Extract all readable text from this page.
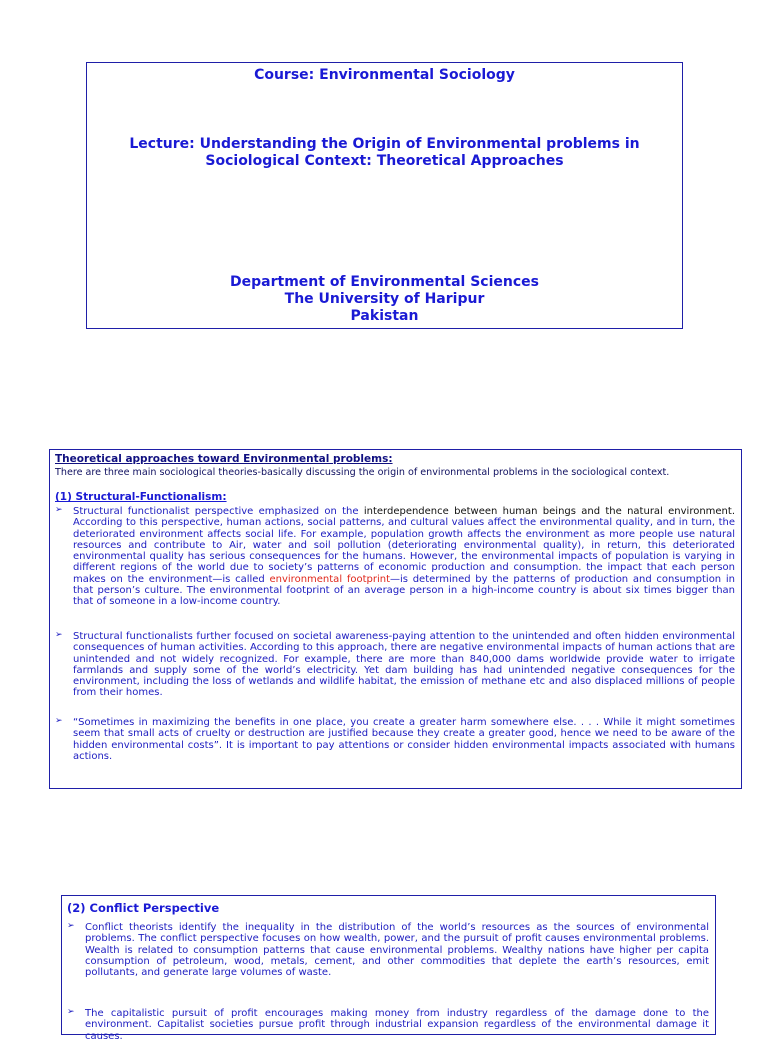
Course: Environmental Sociology
Lecture: Understanding the Origin of Environmental problems in
Sociological Context: Theoretical Approaches
Department of Environmental Sciences
The University of Haripur
Pakistan
Theoretical approaches toward Environmental problems:
There are three main sociological theories-basically discussing the origin of environmental problems in the sociological context.
(1) Structural-Functionalism:
➢ Structural functionalist perspective emphasized on the interdependence between human beings and the natural environment. According to this perspective, human actions, social patterns, and cultural values affect the environmental quality, and in turn, the deteriorated environment affects social life. For example, population growth affects the environment as more people use natural resources and contribute to Air, water and soil pollution (deteriorating environmental quality), in return, this deteriorated environmental quality has serious consequences for the humans. However, the environmental impacts of population is varying in different regions of the world due to society’s patterns of economic production and consumption. the impact that each person makes on the environment—is called environmental footprint—is determined by the patterns of production and consumption in that person’s culture. The environmental footprint of an average person in a high-income country is about six times bigger than that of someone in a low-income country.
➢ Structural functionalists further focused on societal awareness-paying attention to the unintended and often hidden environmental consequences of human activities. According to this approach, there are negative environmental impacts of human actions that are unintended and not widely recognized. For example, there are more than 840,000 dams worldwide provide water to irrigate farmlands and supply some of the world’s electricity. Yet dam building has had unintended negative consequences for the environment, including the loss of wetlands and wildlife habitat, the emission of methane etc and also displaced millions of people from their homes.
➢ “Sometimes in maximizing the benefits in one place, you create a greater harm somewhere else. . . . While it might sometimes seem that small acts of cruelty or destruction are justified because they create a greater good, hence we need to be aware of the hidden environmental costs”. It is important to pay attentions or consider hidden environmental impacts associated with humans actions.
(2) Conflict Perspective
➢ Conflict theorists identify the inequality in the distribution of the world’s resources as the sources of environmental problems. The conflict perspective focuses on how wealth, power, and the pursuit of profit causes environmental problems. Wealth is related to consumption patterns that cause environmental problems. Wealthy nations have higher per capita consumption of petroleum, wood, metals, cement, and other commodities that deplete the earth’s resources, emit pollutants, and generate large volumes of waste.
➢ The capitalistic pursuit of profit encourages making money from industry regardless of the damage done to the environment. Capitalist societies pursue profit through industrial expansion regardless of the environmental damage it causes.
